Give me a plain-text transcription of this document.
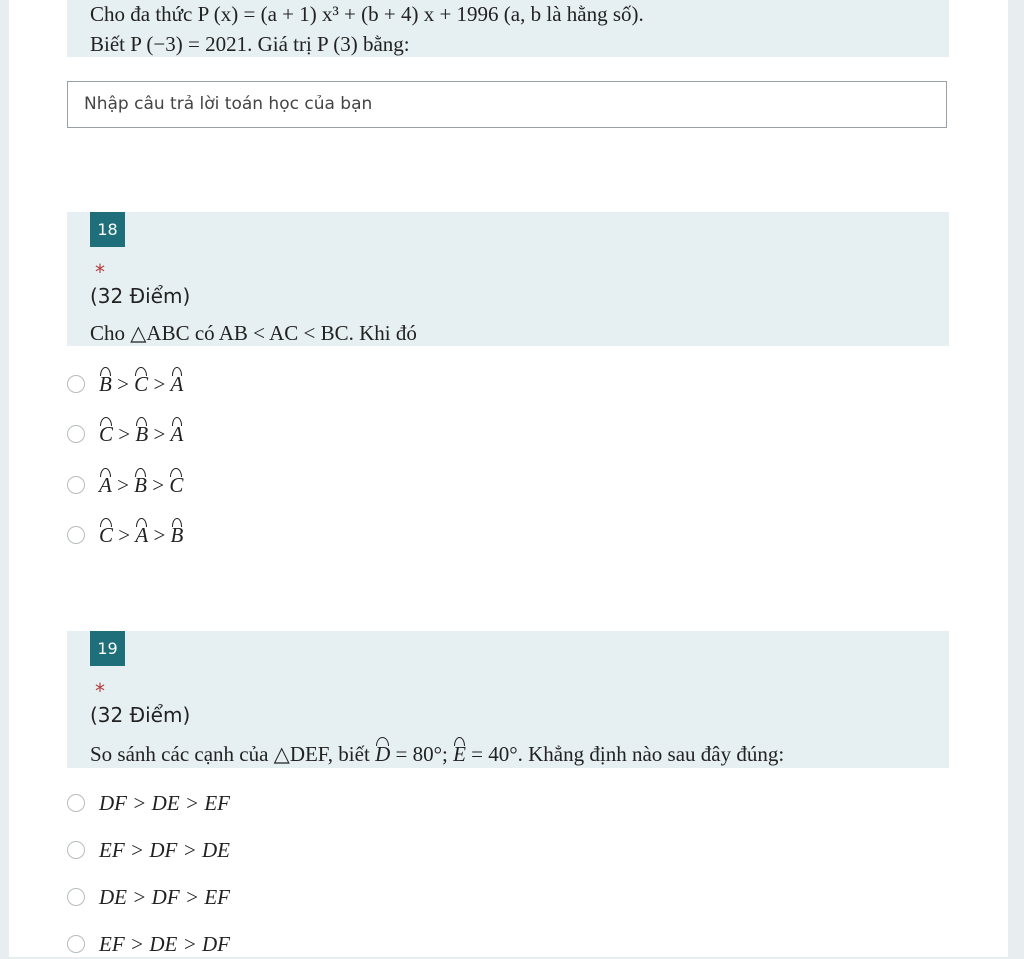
Cho đa thức P (x) = (a + 1) x³ + (b + 4) x + 1996 (a, b là hằng số).
Biết P (−3) = 2021. Giá trị P (3) bằng:
Nhập câu trả lời toán học của bạn
18
*
(32 Điểm)
Cho △ABC có AB < AC < BC. Khi đó
B > C > A
C > B > A
A > B > C
C > A > B
19
*
(32 Điểm)
So sánh các cạnh của △DEF, biết D = 80°; E = 40°. Khẳng định nào sau đây đúng:
DF > DE > EF
EF > DF > DE
DE > DF > EF
EF > DE > DF
